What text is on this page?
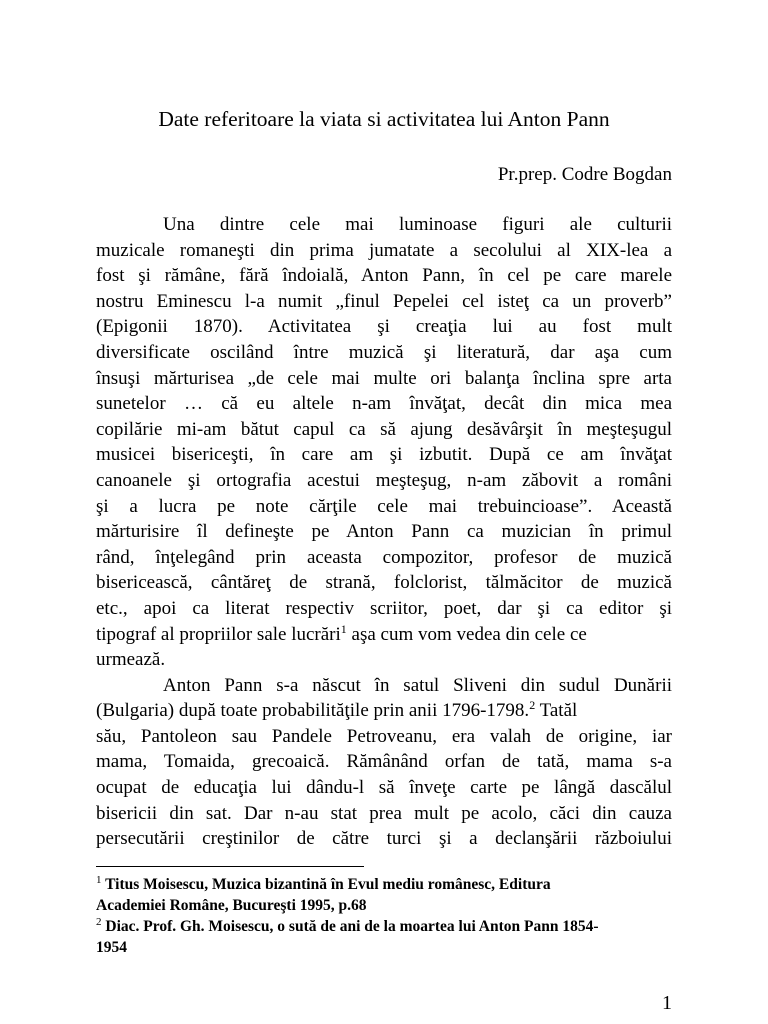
Date referitoare la viata si activitatea lui Anton Pann
Pr.prep. Codre Bogdan
Una dintre cele mai luminoase figuri ale culturii
muzicale romaneşti din prima jumatate a secolului al XIX-lea a
fost şi rămâne, fără îndoială, Anton Pann, în cel pe care marele
nostru Eminescu l-a numit „finul Pepelei cel isteţ ca un proverb”
(Epigonii 1870). Activitatea şi creaţia lui au fost mult
diversificate oscilând între muzică şi literatură, dar aşa cum
însuşi mărturisea „de cele mai multe ori balanţa înclina spre arta
sunetelor … că eu altele n-am învăţat, decât din mica mea
copilărie mi-am bătut capul ca să ajung desăvârşit în meşteşugul
musicei bisericeşti, în care am şi izbutit. După ce am învăţat
canoanele şi ortografia acestui meşteşug, n-am zăbovit a români
şi a lucra pe note cărţile cele mai trebuincioase”. Această
mărturisire îl defineşte pe Anton Pann ca muzician în primul
rând, înţelegând prin aceasta compozitor, profesor de muzică
bisericească, cântăreţ de strană, folclorist, tălmăcitor de muzică
etc., apoi ca literat respectiv scriitor, poet, dar şi ca editor şi
tipograf al propriilor sale lucrări$^1$ aşa cum vom vedea din cele ce
urmează.
Anton Pann s-a născut în satul Sliveni din sudul Dunării
(Bulgaria) după toate probabilităţile prin anii 1796-1798.$^2$ Tatăl
său, Pantoleon sau Pandele Petroveanu, era valah de origine, iar
mama, Tomaida, grecoaică. Rămânând orfan de tată, mama s-a
ocupat de educaţia lui dându-l să înveţe carte pe lângă dascălul
bisericii din sat. Dar n-au stat prea mult pe acolo, căci din cauza
persecutării creştinilor de către turci şi a declanşării războiului
$^1$ Titus Moisescu, Muzica bizantină în Evul mediu românesc, Editura
Academiei Române, Bucureşti 1995, p.68
$^2$ Diac. Prof. Gh. Moisescu, o sută de ani de la moartea lui Anton Pann 1854-
1954
1
